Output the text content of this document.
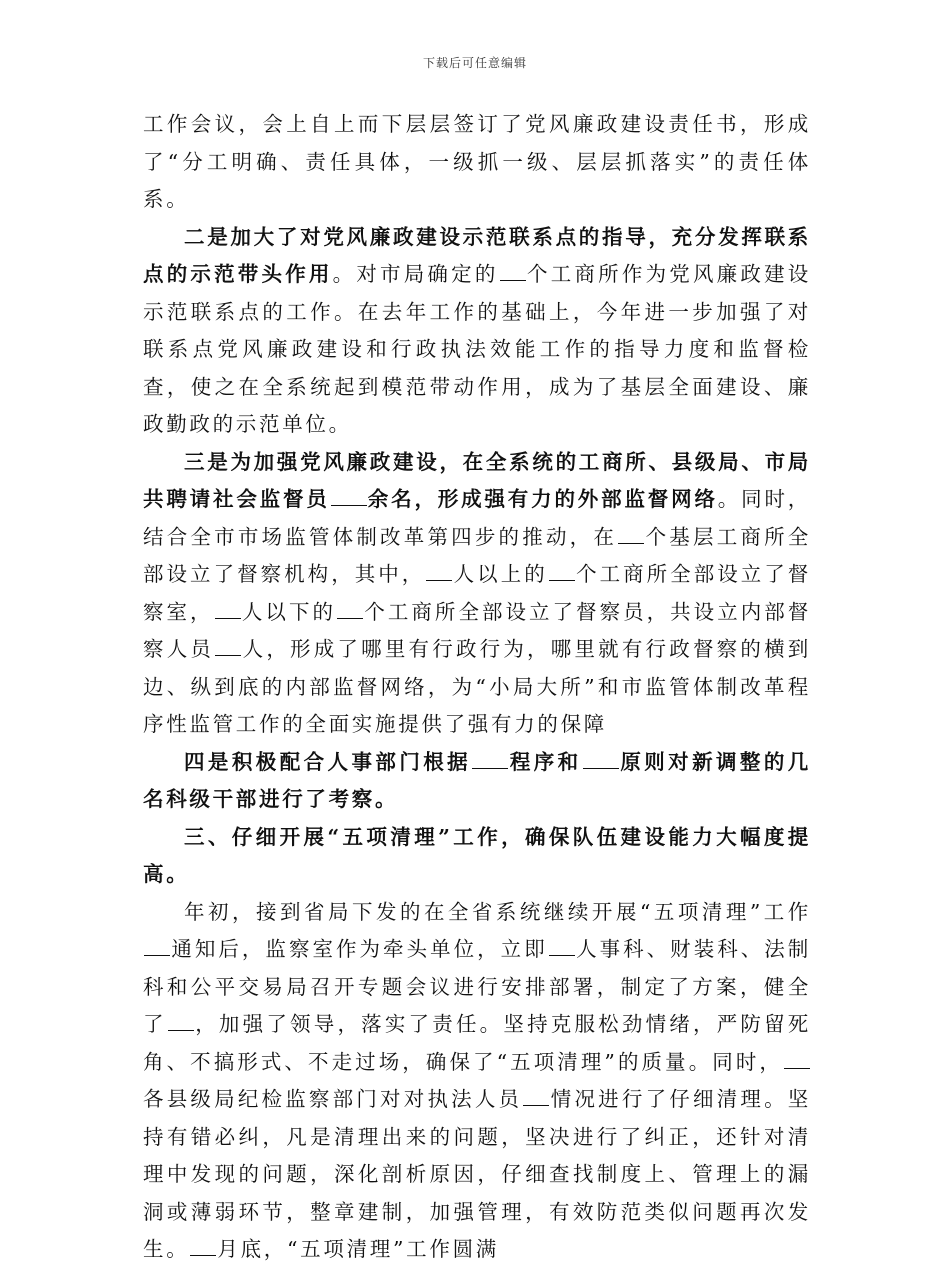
下载后可任意编辑

工作会议，会上自上而下层层签订了党风廉政建设责任书，形成了“分工明确、责任具体，一级抓一级、层层抓落实”的责任体系。

二是加大了对党风廉政建设示范联系点的指导，充分发挥联系点的示范带头作用。对市局确定的 个工商所作为党风廉政建设示范联系点的工作。在去年工作的基础上，今年进一步加强了对联系点党风廉政建设和行政执法效能工作的指导力度和监督检查，使之在全系统起到模范带动作用，成为了基层全面建设、廉政勤政的示范单位。

三是为加强党风廉政建设，在全系统的工商所、县级局、市局共聘请社会监督员 余名，形成强有力的外部监督网络。同时，结合全市市场监管体制改革第四步的推动，在 个基层工商所全部设立了督察机构，其中， 人以上的 个工商所全部设立了督察室， 人以下的 个工商所全部设立了督察员，共设立内部督察人员 人，形成了哪里有行政行为，哪里就有行政督察的横到边、纵到底的内部监督网络，为“小局大所”和市监管体制改革程序性监管工作的全面实施提供了强有力的保障

四是积极配合人事部门根据 程序和 原则对新调整的几名科级干部进行了考察。

三、仔细开展“五项清理”工作，确保队伍建设能力大幅度提高。

年初，接到省局下发的在全省系统继续开展“五项清理”工作通知后，监察室作为牵头单位，立即 人事科、财装科、法制科和公平交易局召开专题会议进行安排部署，制定了方案，健全了 ，加强了领导，落实了责任。坚持克服松劲情绪，严防留死角、不搞形式、不走过场，确保了“五项清理”的质量。同时，各县级局纪检监察部门对对执法人员 情况进行了仔细清理。坚持有错必纠，凡是清理出来的问题，坚决进行了纠正，还针对清理中发现的问题，深化剖析原因，仔细查找制度上、管理上的漏洞或薄弱环节，整章建制，加强管理，有效防范类似问题再次发生。 月底，“五项清理”工作圆满
